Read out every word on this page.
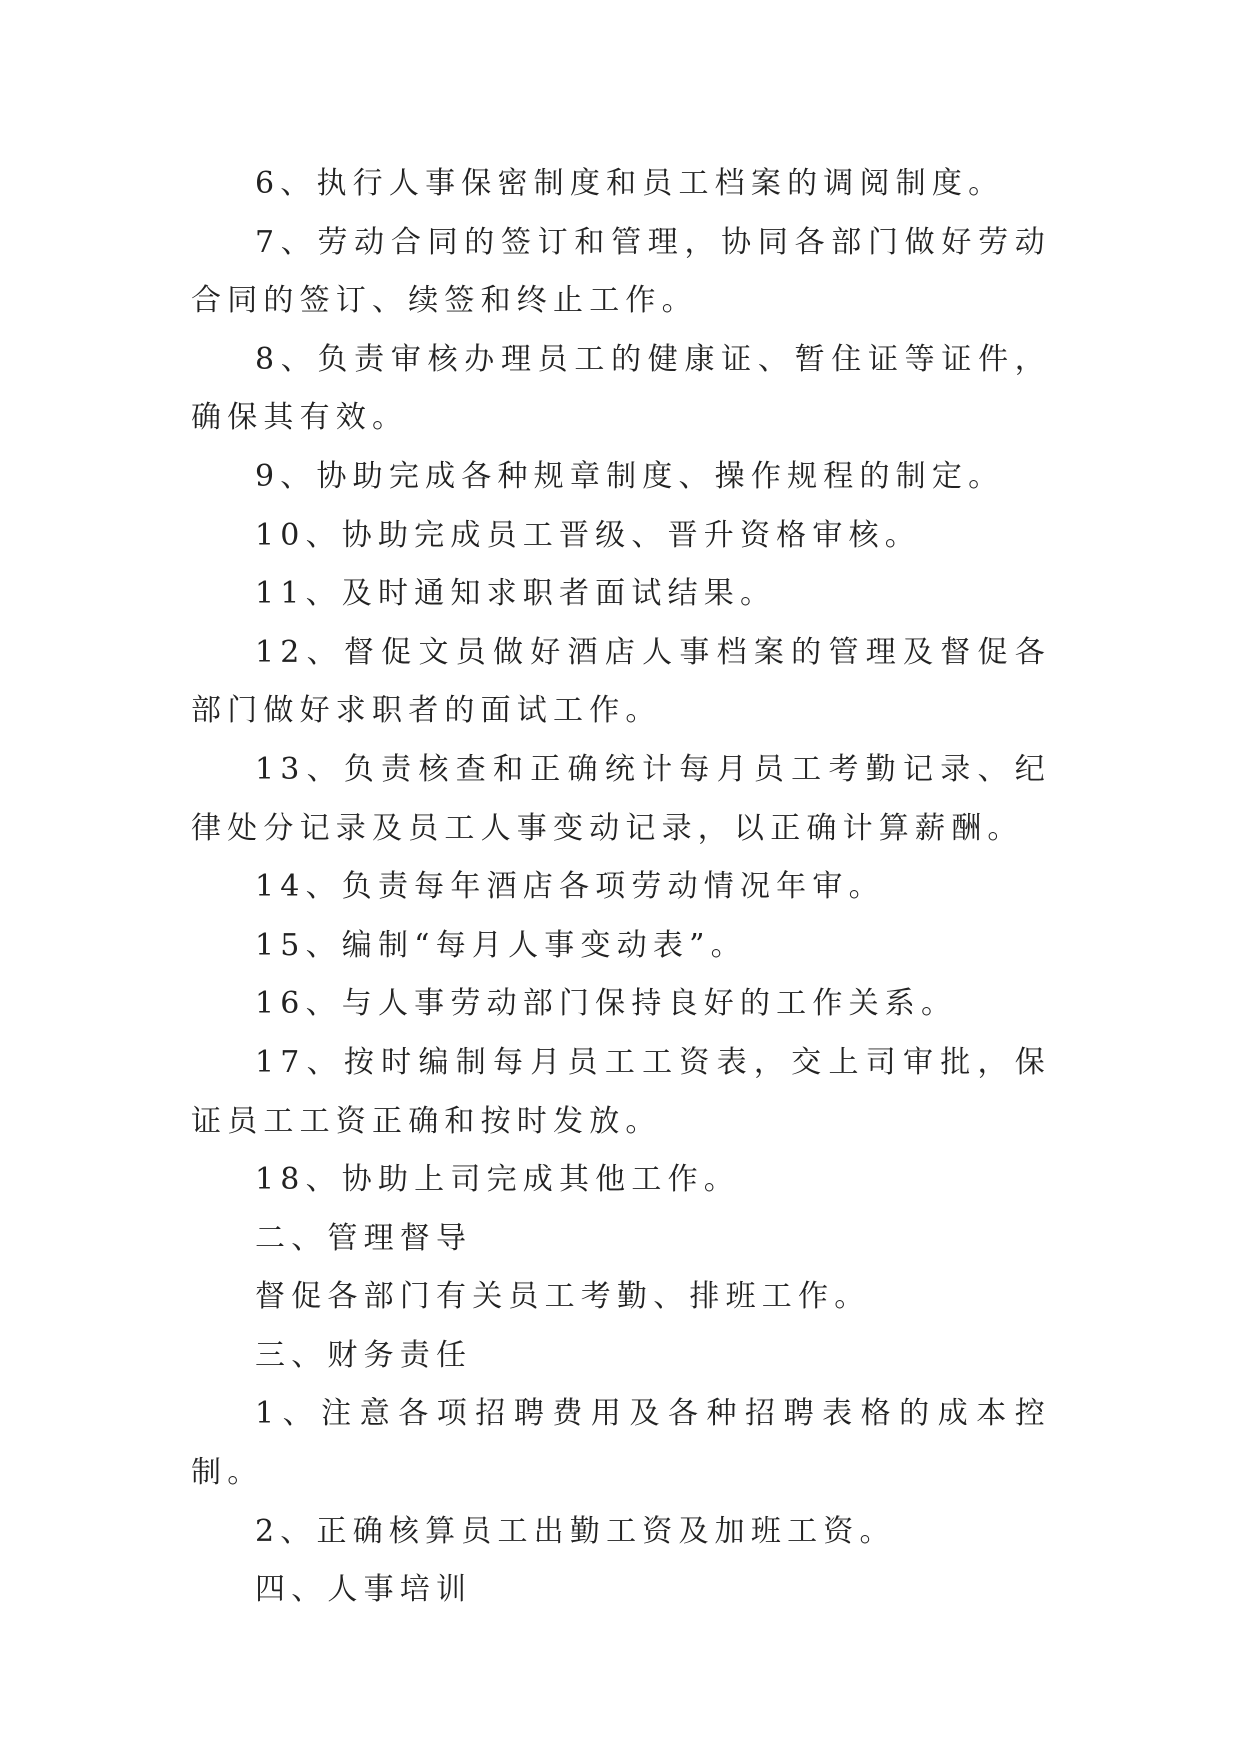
6、执行人事保密制度和员工档案的调阅制度。

7、劳动合同的签订和管理，协同各部门做好劳动合同的签订、续签和终止工作。

8、负责审核办理员工的健康证、暂住证等证件，确保其有效。

9、协助完成各种规章制度、操作规程的制定。

10、协助完成员工晋级、晋升资格审核。

11、及时通知求职者面试结果。

12、督促文员做好酒店人事档案的管理及督促各部门做好求职者的面试工作。

13、负责核查和正确统计每月员工考勤记录、纪律处分记录及员工人事变动记录，以正确计算薪酬。

14、负责每年酒店各项劳动情况年审。

15、编制“每月人事变动表”。

16、与人事劳动部门保持良好的工作关系。

17、按时编制每月员工工资表，交上司审批，保证员工工资正确和按时发放。

18、协助上司完成其他工作。

二、管理督导

督促各部门有关员工考勤、排班工作。

三、财务责任

1、注意各项招聘费用及各种招聘表格的成本控制。

2、正确核算员工出勤工资及加班工资。

四、人事培训
